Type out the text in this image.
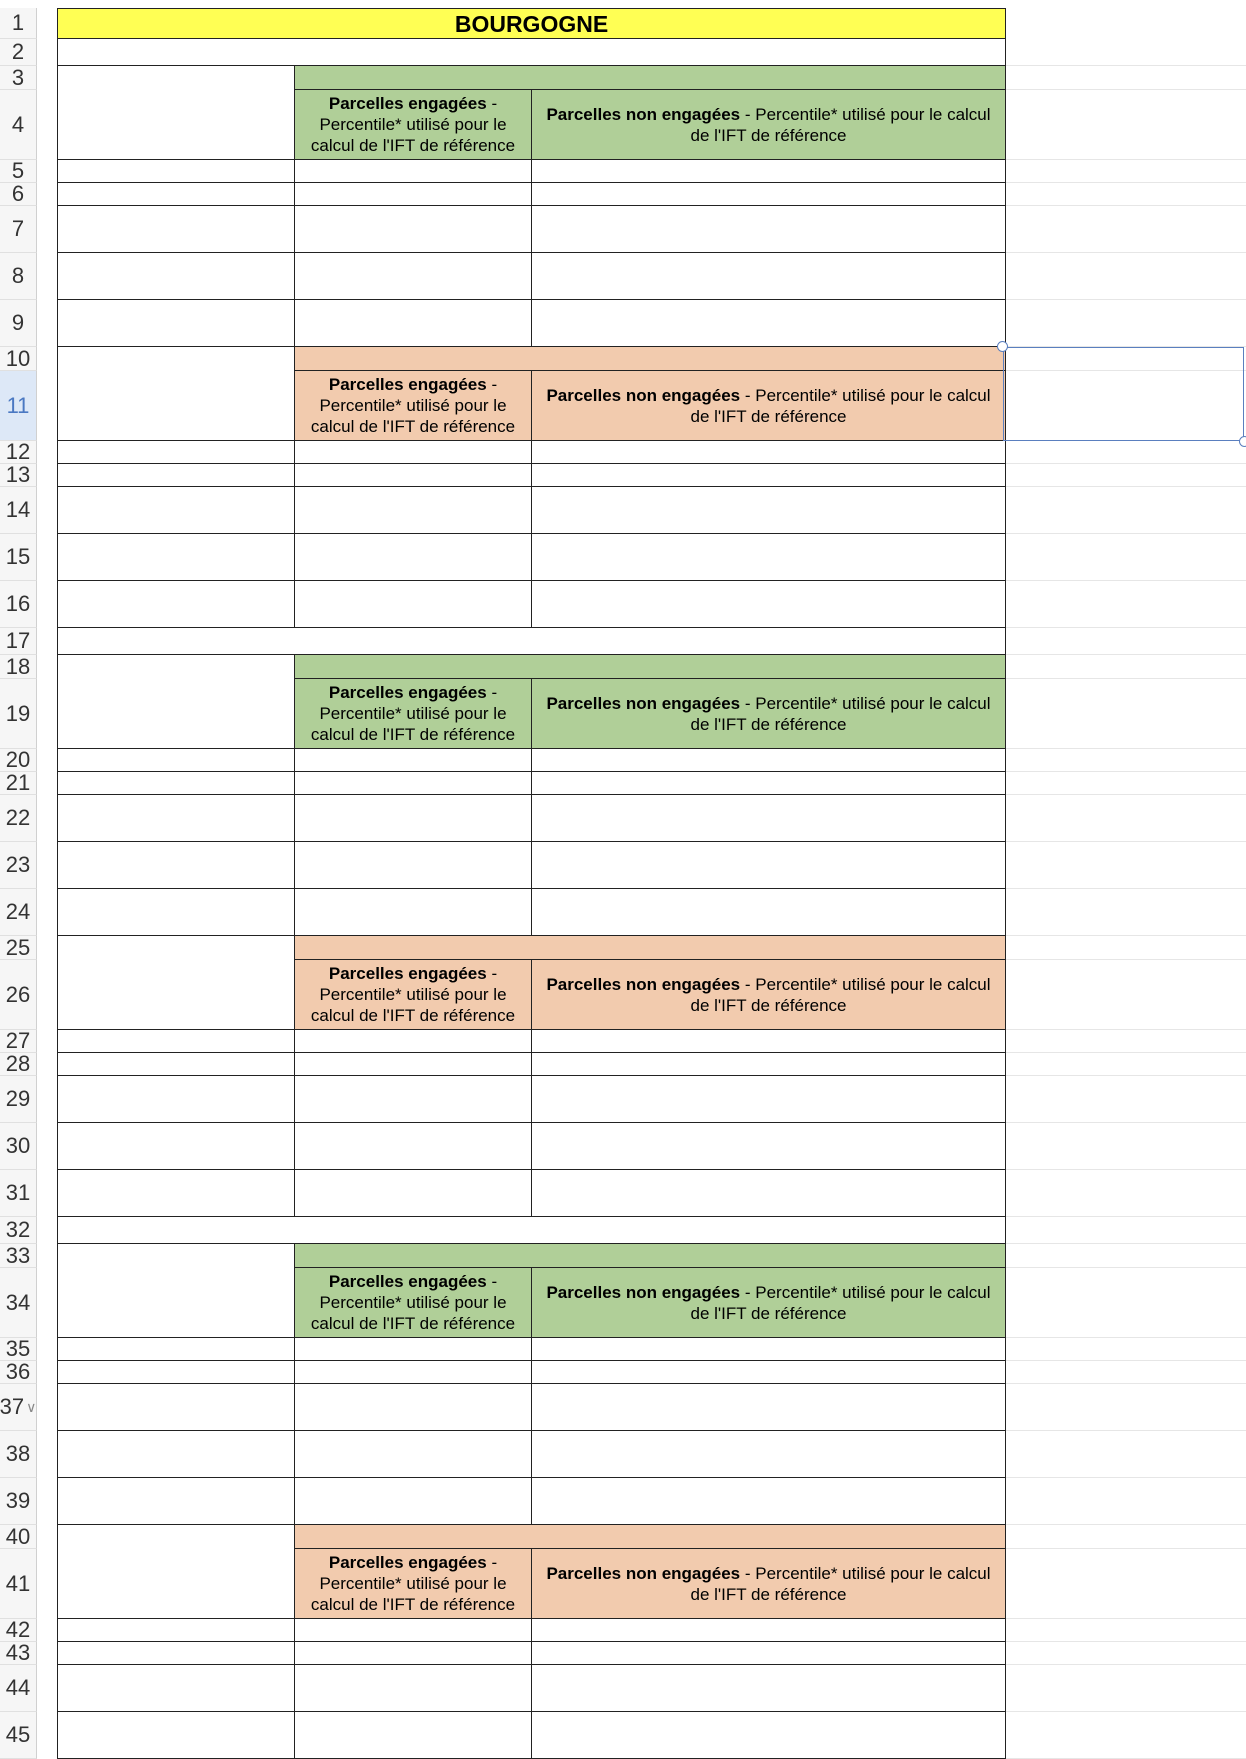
1
2
3
4
5
6
7
8
9
10
11
12
13
14
15
16
17
18
19
20
21
22
23
24
25
26
27
28
29
30
31
32
33
34
35
36
37 ∨
38
39
40
41
42
43
44
45
BOURGOGNE
Parcelles engagées - Percentile* utilisé pour le calcul de l'IFT de référence
Parcelles non engagées - Percentile* utilisé pour le calcul de l'IFT de référence
Parcelles engagées - Percentile* utilisé pour le calcul de l'IFT de référence
Parcelles non engagées - Percentile* utilisé pour le calcul de l'IFT de référence
Parcelles engagées - Percentile* utilisé pour le calcul de l'IFT de référence
Parcelles non engagées - Percentile* utilisé pour le calcul de l'IFT de référence
Parcelles engagées - Percentile* utilisé pour le calcul de l'IFT de référence
Parcelles non engagées - Percentile* utilisé pour le calcul de l'IFT de référence
Parcelles engagées - Percentile* utilisé pour le calcul de l'IFT de référence
Parcelles non engagées - Percentile* utilisé pour le calcul de l'IFT de référence
Parcelles engagées - Percentile* utilisé pour le calcul de l'IFT de référence
Parcelles non engagées - Percentile* utilisé pour le calcul de l'IFT de référence
